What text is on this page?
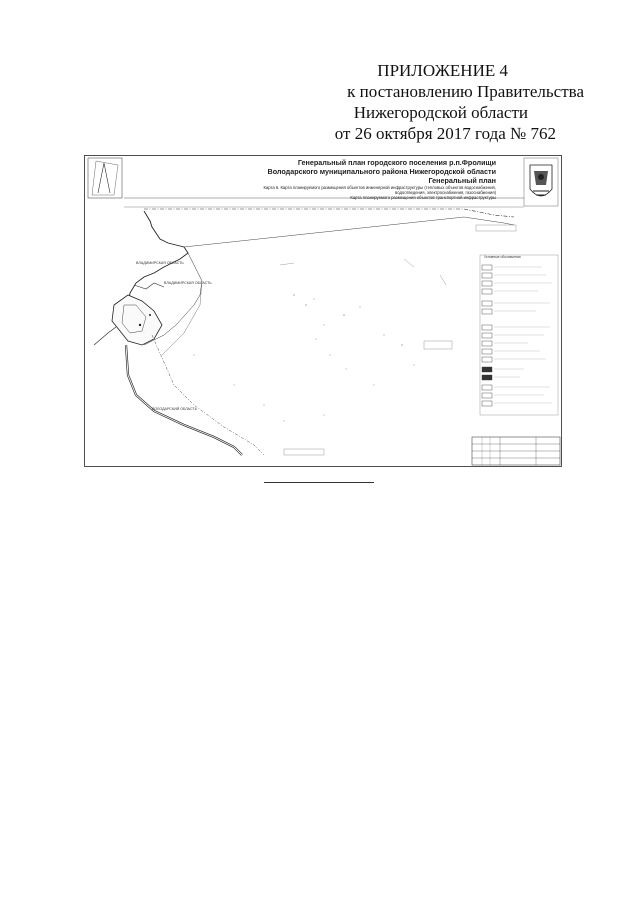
ПРИЛОЖЕНИЕ 4
к постановлению Правительства
Нижегородской области
от 26 октября 2017 года № 762
Генеральный план городского поселения р.п.Фролищи
Володарского муниципального района Нижегородской области
Генеральный план
Карта 6. Карта планируемого размещения объектов инженерной инфраструктуры (тепловых объектов водоснабжения, водоотведения, электроснабжения, газоснабжения)
Карта планируемого размещения объектов транспортной инфраструктуры
ВЛАДИМИРСКАЯ ОБЛАСТЬ
ВЛАДИМИРСКАЯ ОБЛАСТЬ
ВОЛОДАРСКИЙ ОБЛАСТЬ
Условные обозначения
